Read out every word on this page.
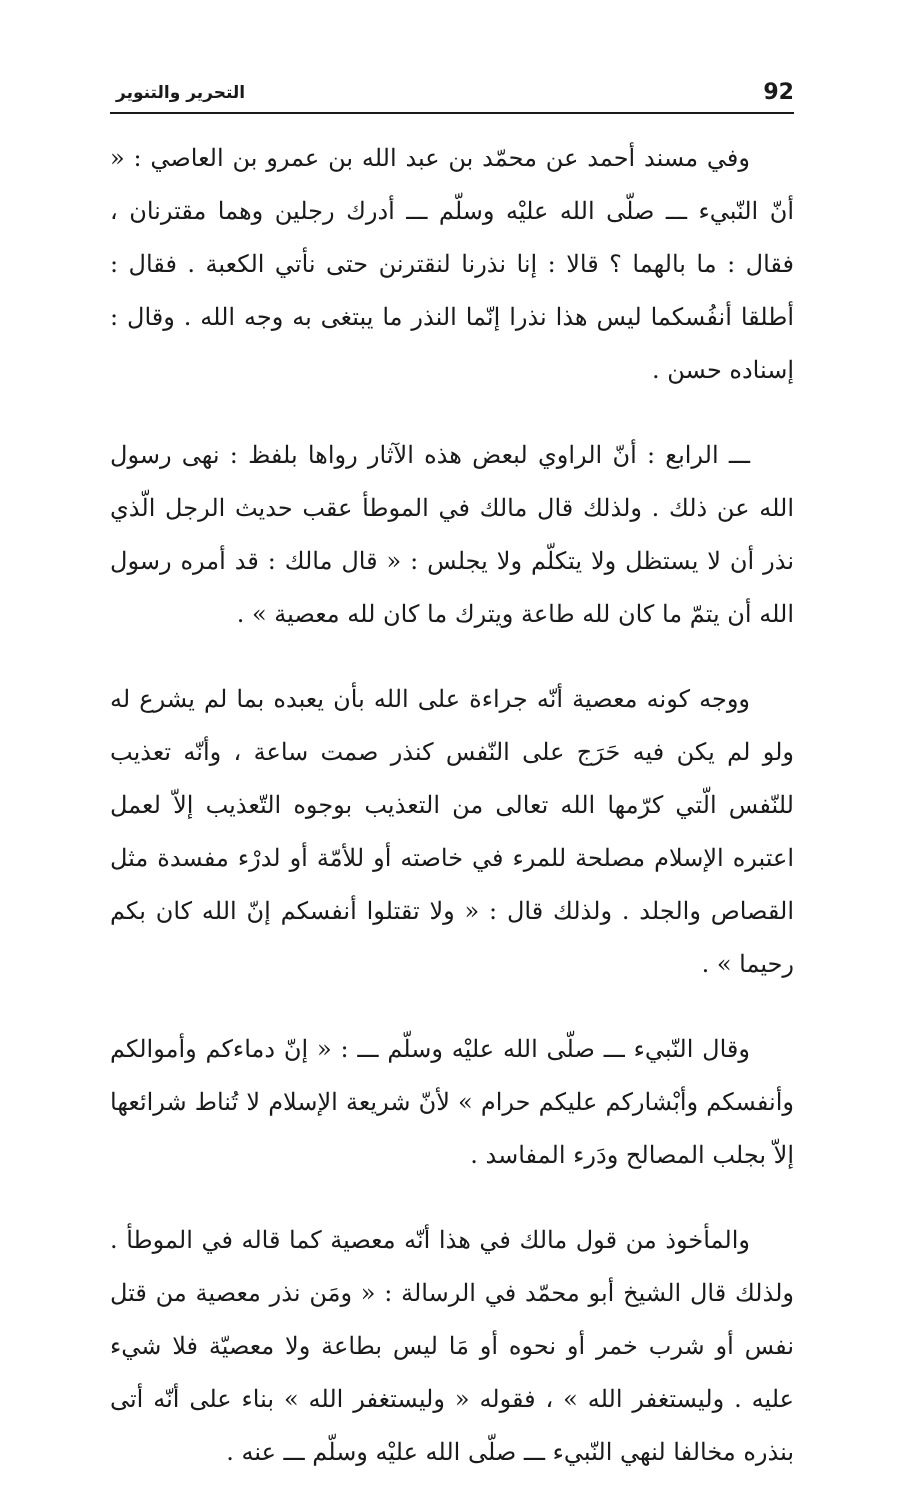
92
التحرير والتنوير

وفي مسند أحمد عن محمّد بن عبد الله بن عمرو بن العاصي : « أنّ النّبيء ـــ صلّى الله عليْه وسلّم ـــ أدرك رجلين وهما مقترنان ، فقال : ما بالهما ؟ قالا : إنا نذرنا لنقترنن حتى نأتي الكعبة . فقال : أطلقا أنفُسكما ليس هذا نذرا إنّما النذر ما يبتغى به وجه الله . وقال : إسناده حسن .

ـــ الرابع : أنّ الراوي لبعض هذه الآثار رواها بلفظ : نهى رسول الله عن ذلك . ولذلك قال مالك في الموطأ عقب حديث الرجل الّذي نذر أن لا يستظل ولا يتكلّم ولا يجلس : « قال مالك : قد أمره رسول الله أن يتمّ ما كان لله طاعة ويترك ما كان لله معصية » .

ووجه كونه معصية أنّه جراءة على الله بأن يعبده بما لم يشرع له ولو لم يكن فيه حَرَج على النّفس كنذر صمت ساعة ، وأنّه تعذيب للنّفس الّتي كرّمها الله تعالى من التعذيب بوجوه التّعذيب إلاّ لعمل اعتبره الإسلام مصلحة للمرء في خاصته أو للأمّة أو لدرْء مفسدة مثل القصاص والجلد . ولذلك قال : « ولا تقتلوا أنفسكم إنّ الله كان بكم رحيما » .

وقال النّبيء ـــ صلّى الله عليْه وسلّم ـــ : « إنّ دماءكم وأموالكم وأنفسكم وأبْشاركم عليكم حرام » لأنّ شريعة الإسلام لا تُناط شرائعها إلاّ بجلب المصالح ودَرء المفاسد .

والمأخوذ من قول مالك في هذا أنّه معصية كما قاله في الموطأ . ولذلك قال الشيخ أبو محمّد في الرسالة : « ومَن نذر معصية من قتل نفس أو شرب خمر أو نحوه أو مَا ليس بطاعة ولا معصيّة فلا شيء عليه . وليستغفر الله » ، فقوله « وليستغفر الله » بناء على أنّه أتى بنذره مخالفا لنهي النّبيء ـــ صلّى الله عليْه وسلّم ـــ عنه .
